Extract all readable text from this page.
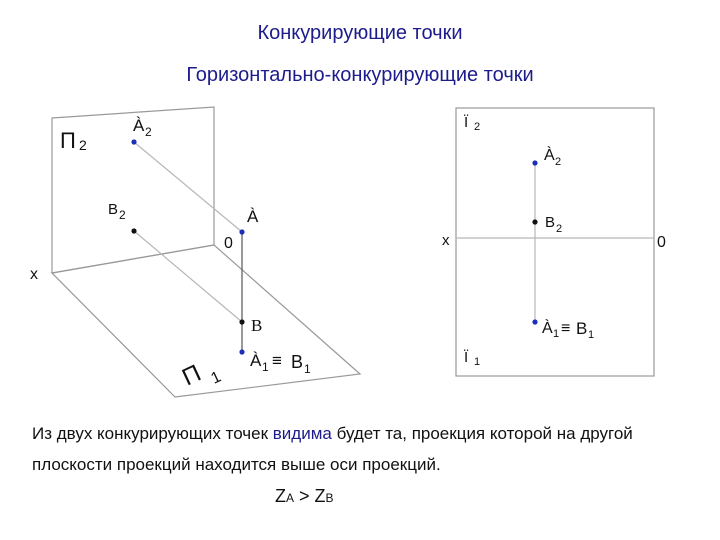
Конкурирующие точки
Горизонтально-конкурирующие точки
П 2
À 2
B 2	À
0
x
B
À 1 ≡ B 1
П 1
Ï 2
À 2
B 2
x	0
À 1 ≡ B 1
Ï 1
Из двух конкурирующих точек видима будет та, проекция которой на другой плоскости проекций находится выше оси проекций.
ZA > ZB
